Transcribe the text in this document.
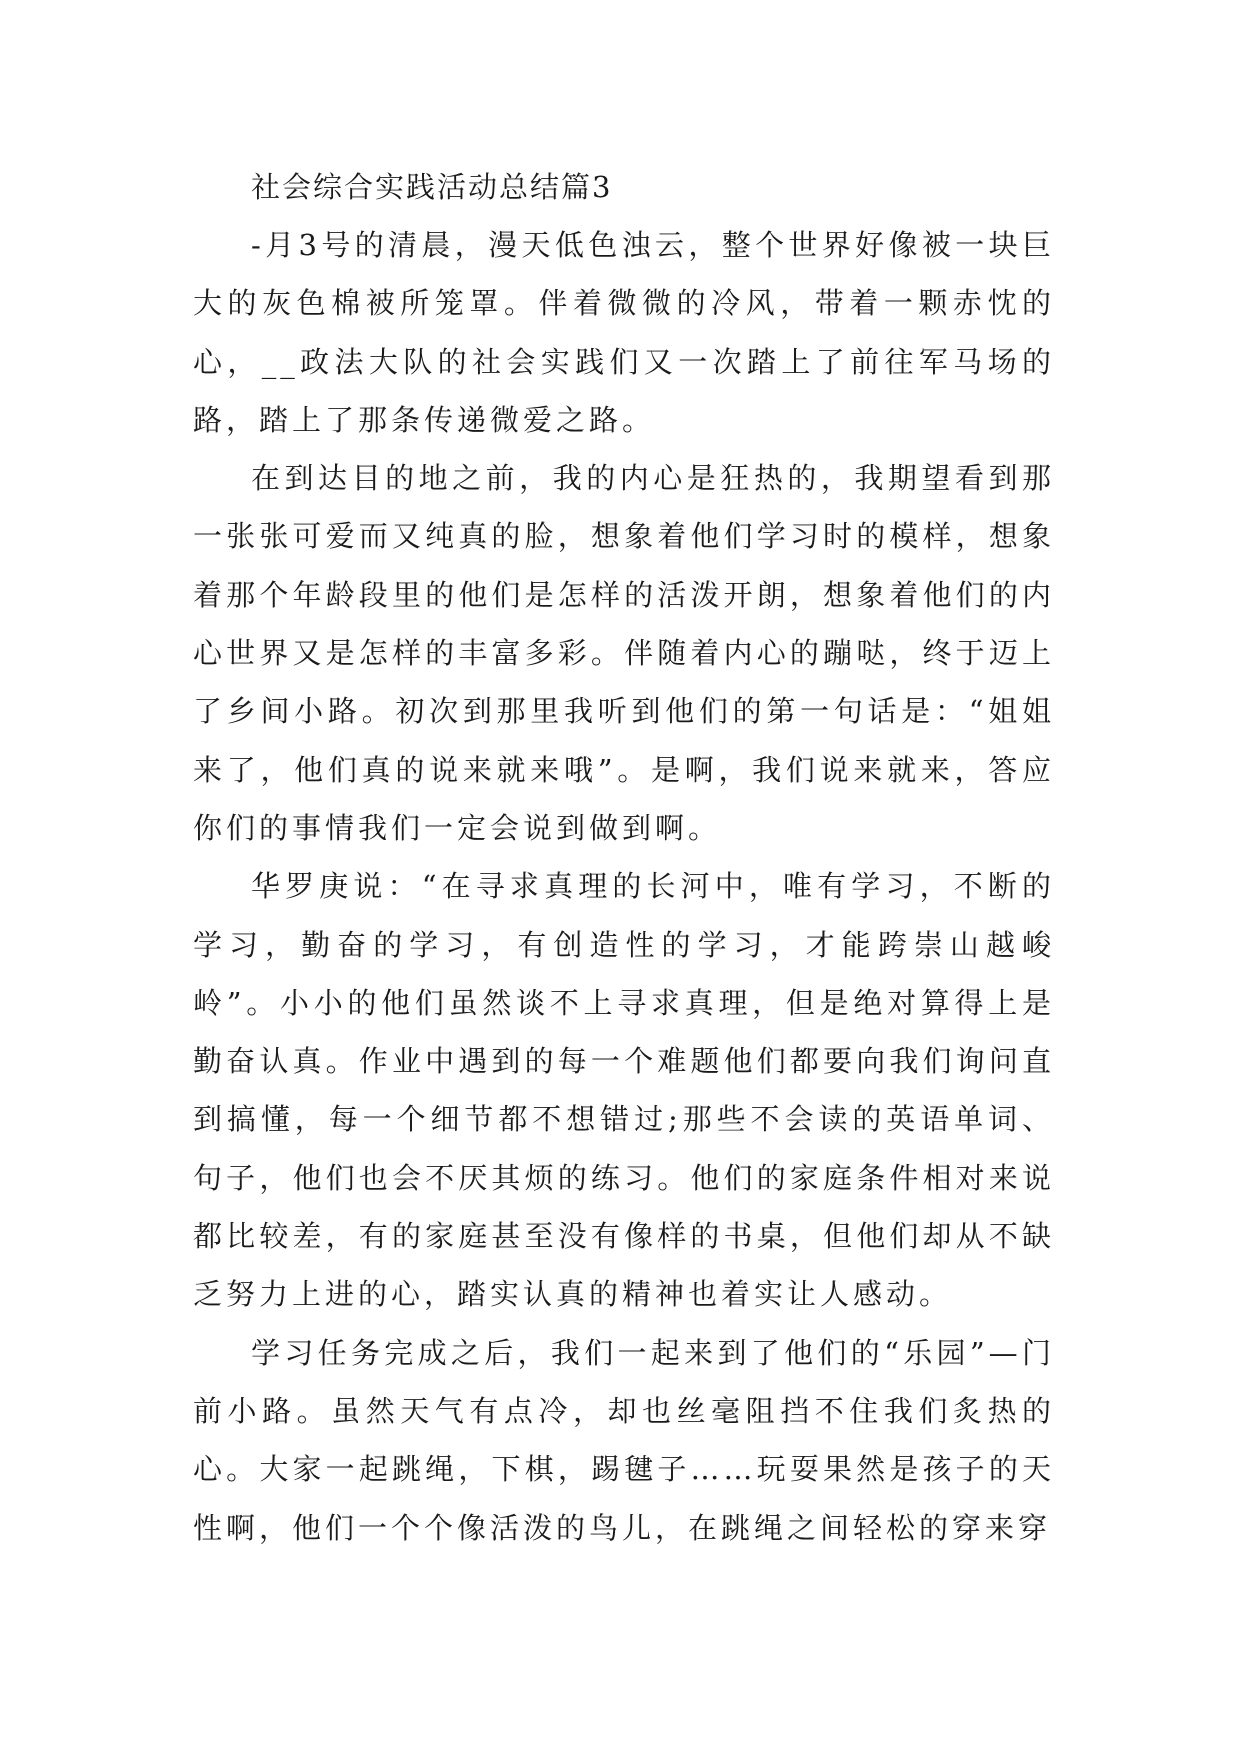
社会综合实践活动总结篇3

-月3号的清晨，漫天低色浊云，整个世界好像被一块巨大的灰色棉被所笼罩。伴着微微的冷风，带着一颗赤忱的心，__政法大队的社会实践们又一次踏上了前往军马场的路，踏上了那条传递微爱之路。

在到达目的地之前，我的内心是狂热的，我期望看到那一张张可爱而又纯真的脸，想象着他们学习时的模样，想象着那个年龄段里的他们是怎样的活泼开朗，想象着他们的内心世界又是怎样的丰富多彩。伴随着内心的蹦哒，终于迈上了乡间小路。初次到那里我听到他们的第一句话是：“姐姐来了，他们真的说来就来哦”。是啊，我们说来就来，答应你们的事情我们一定会说到做到啊。

华罗庚说：“在寻求真理的长河中，唯有学习，不断的学习，勤奋的学习，有创造性的学习，才能跨崇山越峻岭”。小小的他们虽然谈不上寻求真理，但是绝对算得上是勤奋认真。作业中遇到的每一个难题他们都要向我们询问直到搞懂，每一个细节都不想错过;那些不会读的英语单词、句子，他们也会不厌其烦的练习。他们的家庭条件相对来说都比较差，有的家庭甚至没有像样的书桌，但他们却从不缺乏努力上进的心，踏实认真的精神也着实让人感动。

学习任务完成之后，我们一起来到了他们的“乐园”—门前小路。虽然天气有点冷，却也丝毫阻挡不住我们炙热的心。大家一起跳绳，下棋，踢毽子……玩耍果然是孩子的天性啊，他们一个个像活泼的鸟儿，在跳绳之间轻松的穿来穿
